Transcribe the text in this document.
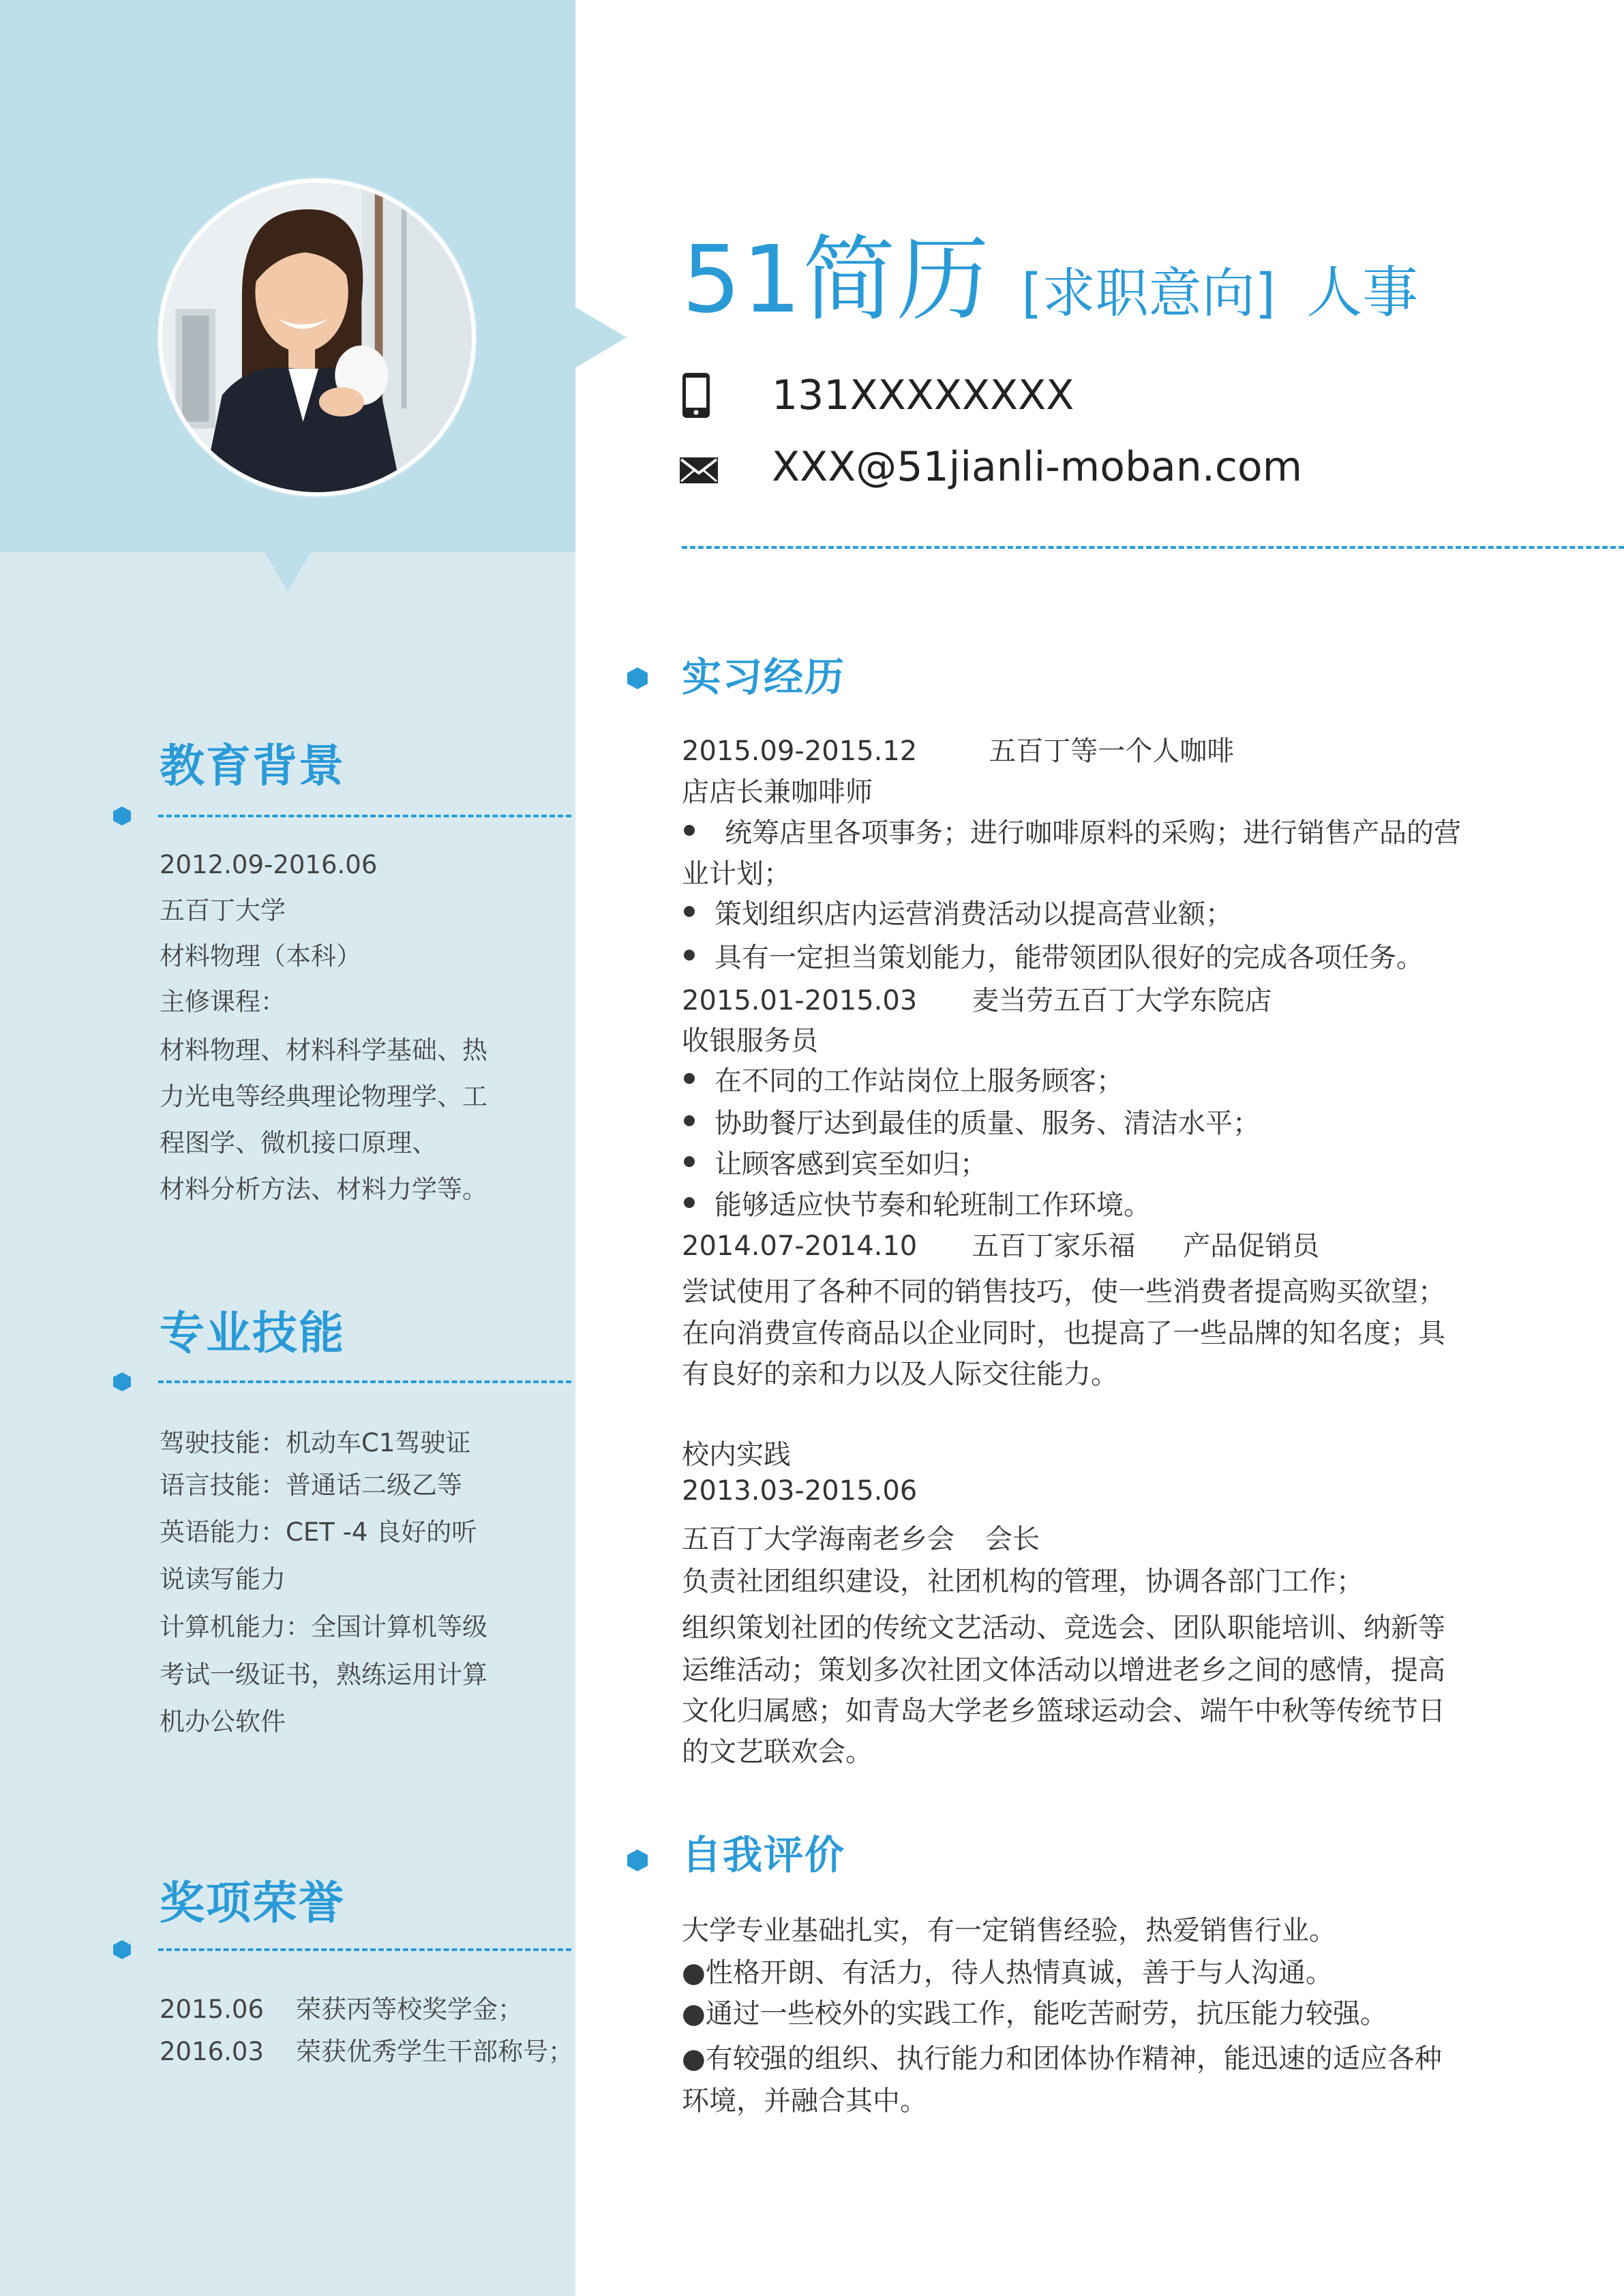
教育背景
2012.09-2016.06
五百丁大学
材料物理（本科）
主修课程：
材料物理、材料科学基础、热
力光电等经典理论物理学、工
程图学、微机接口原理、
材料分析方法、材料力学等。
专业技能
驾驶技能：机动车C1驾驶证
语言技能：普通话二级乙等
英语能力：CET -4 良好的听
说读写能力
计算机能力：全国计算机等级
考试一级证书，熟练运用计算
机办公软件
奖项荣誉
2015.06    荣获丙等校奖学金；
2016.03    荣获优秀学生干部称号；
51简历 [求职意向] 人事
131XXXXXXXX
XXX@51jianli-moban.com
实习经历
2015.09-2015.12	五百丁等一个人咖啡
店店长兼咖啡师
统筹店里各项事务；进行咖啡原料的采购；进行销售产品的营
业计划；
策划组织店内运营消费活动以提高营业额；
具有一定担当策划能力，能带领团队很好的完成各项任务。
2015.01-2015.03 麦当劳五百丁大学东院店
收银服务员
在不同的工作站岗位上服务顾客；
协助餐厅达到最佳的质量、服务、清洁水平；
让顾客感到宾至如归；
能够适应快节奏和轮班制工作环境。
2014.07-2014.10 五百丁家乐福 产品促销员
尝试使用了各种不同的销售技巧，使一些消费者提高购买欲望；
在向消费宣传商品以企业同时，也提高了一些品牌的知名度；具
有良好的亲和力以及人际交往能力。
校内实践
2013.03-2015.06
五百丁大学海南老乡会 会长
负责社团组织建设，社团机构的管理，协调各部门工作；
组织策划社团的传统文艺活动、竞选会、团队职能培训、纳新等
运维活动；策划多次社团文体活动以增进老乡之间的感情，提高
文化归属感；如青岛大学老乡篮球运动会、端午中秋等传统节日
的文艺联欢会。
自我评价
大学专业基础扎实，有一定销售经验，热爱销售行业。
●性格开朗、有活力，待人热情真诚，善于与人沟通。
●通过一些校外的实践工作，能吃苦耐劳，抗压能力较强。
●有较强的组织、执行能力和团体协作精神，能迅速的适应各种
环境，并融合其中。
